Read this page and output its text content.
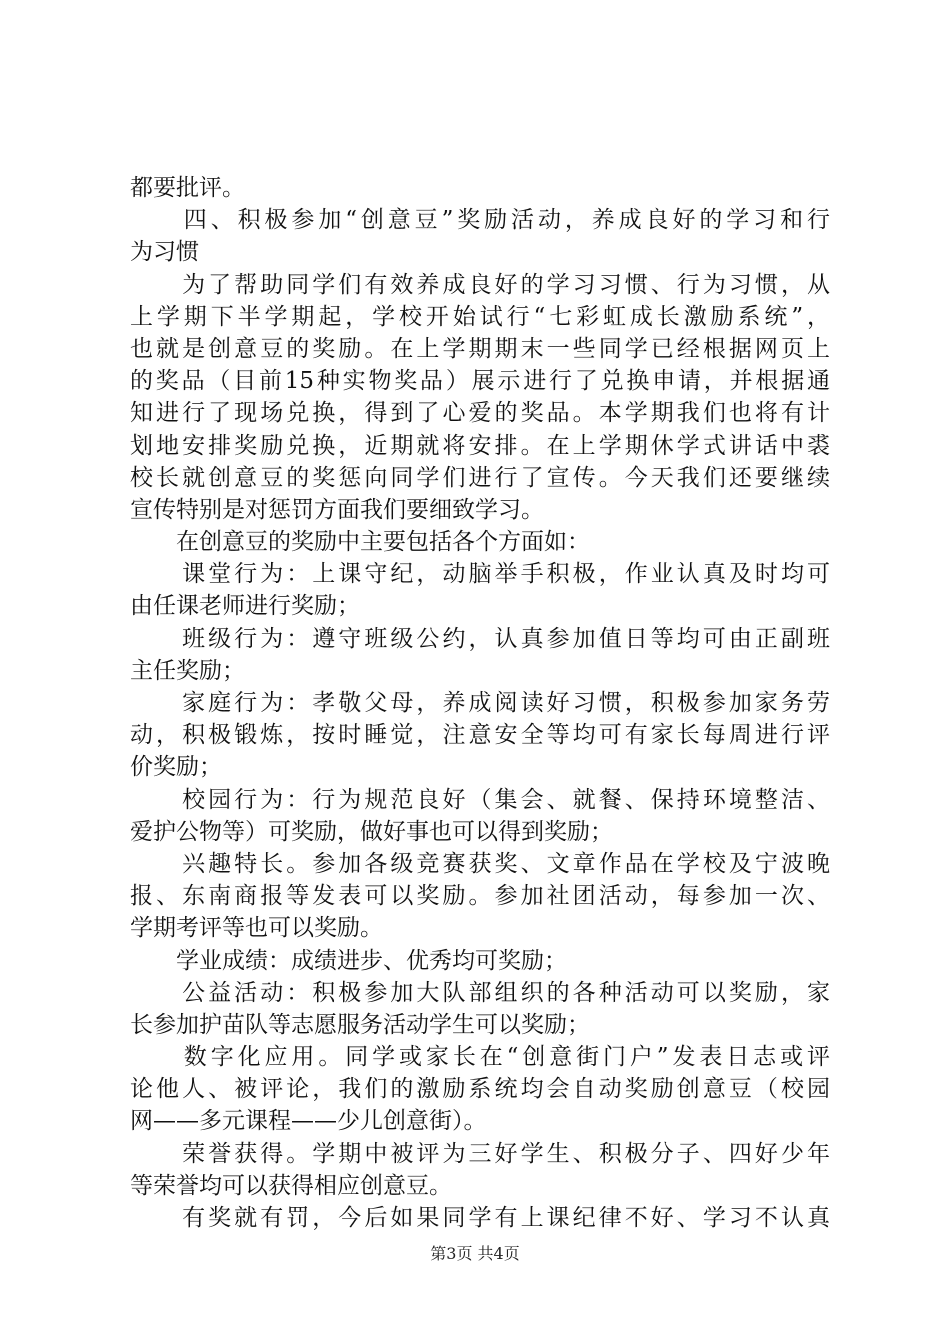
都要批评。
　　四、积极参加“创意豆”奖励活动，养成良好的学习和行
为习惯
　　为了帮助同学们有效养成良好的学习习惯、行为习惯，从
上学期下半学期起，学校开始试行“七彩虹成长激励系统”，
也就是创意豆的奖励。在上学期期末一些同学已经根据网页上
的奖品（目前15种实物奖品）展示进行了兑换申请，并根据通
知进行了现场兑换，得到了心爱的奖品。本学期我们也将有计
划地安排奖励兑换，近期就将安排。在上学期休学式讲话中裘
校长就创意豆的奖惩向同学们进行了宣传。今天我们还要继续
宣传特别是对惩罚方面我们要细致学习。
　　在创意豆的奖励中主要包括各个方面如：
　　课堂行为：上课守纪，动脑举手积极，作业认真及时均可
由任课老师进行奖励；
　　班级行为：遵守班级公约，认真参加值日等均可由正副班
主任奖励；
　　家庭行为：孝敬父母，养成阅读好习惯，积极参加家务劳
动，积极锻炼，按时睡觉，注意安全等均可有家长每周进行评
价奖励；
　　校园行为：行为规范良好（集会、就餐、保持环境整洁、
爱护公物等）可奖励，做好事也可以得到奖励；
　　兴趣特长。参加各级竞赛获奖、文章作品在学校及宁波晚
报、东南商报等发表可以奖励。参加社团活动，每参加一次、
学期考评等也可以奖励。
　　学业成绩：成绩进步、优秀均可奖励；
　　公益活动：积极参加大队部组织的各种活动可以奖励，家
长参加护苗队等志愿服务活动学生可以奖励；
　　数字化应用。同学或家长在“创意街门户”发表日志或评
论他人、被评论，我们的激励系统均会自动奖励创意豆（校园
网——多元课程——少儿创意街）。
　　荣誉获得。学期中被评为三好学生、积极分子、四好少年
等荣誉均可以获得相应创意豆。
　　有奖就有罚，今后如果同学有上课纪律不好、学习不认真
第3页 共4页
